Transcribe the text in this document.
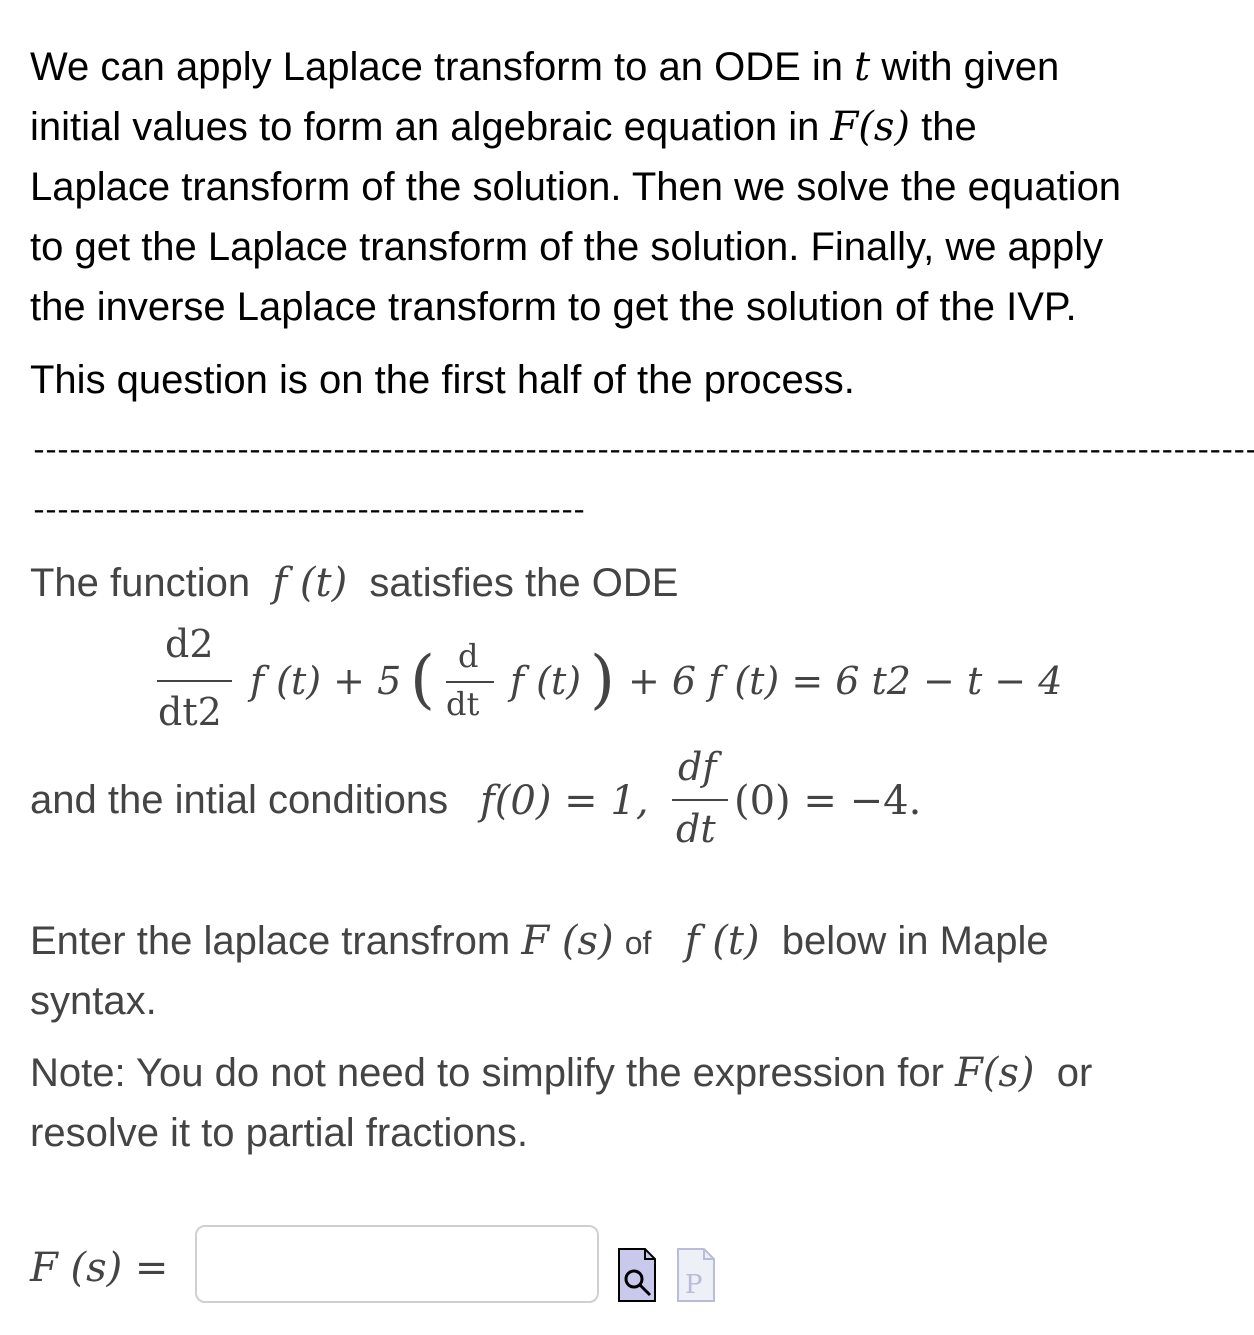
We can apply Laplace transform to an ODE in t with given
initial values to form an algebraic equation in F(s) the
Laplace transform of the solution. Then we solve the equation
to get the Laplace transform of the solution. Finally, we apply
the inverse Laplace transform to get the solution of the IVP.
This question is on the first half of the process.
------------------------------------------------------------------------------------------------------
----------------------------------------------
The function f (t) satisfies the ODE
d2
dt2
f (t) + 5 ( d
dt
f (t) ) + 6 f (t) = 6 t2 − t − 4
and the intial conditions f(0) = 1,
df
dt
(0) = −4.
Enter the laplace transfrom F (s) of f (t) below in Maple
syntax.
Note: You do not need to simplify the expression for F(s) or
resolve it to partial fractions.
F (s) =	P
